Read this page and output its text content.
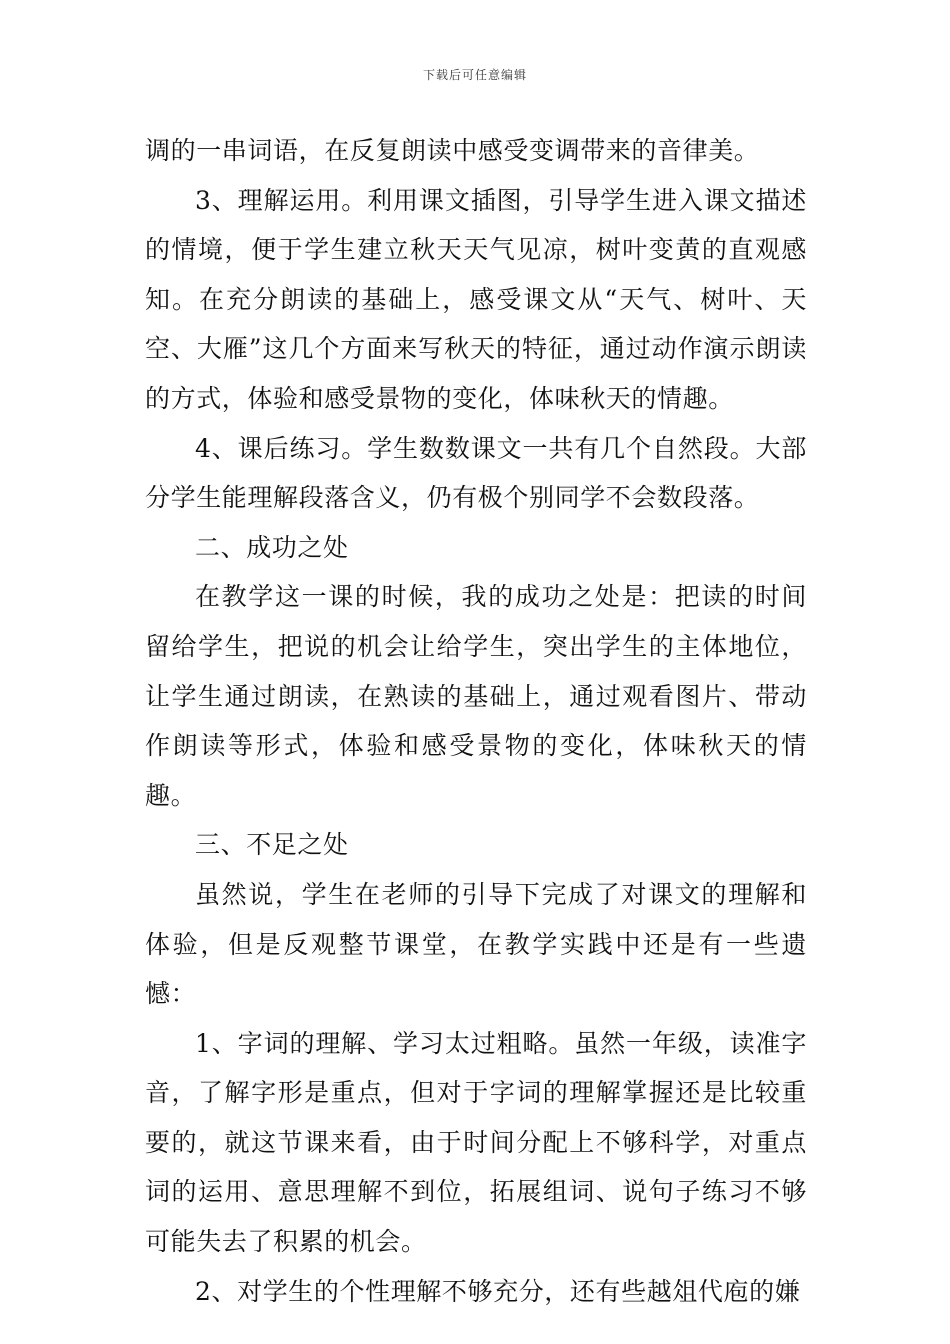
下载后可任意编辑

调的一串词语，在反复朗读中感受变调带来的音律美。

3、理解运用。利用课文插图，引导学生进入课文描述的情境，便于学生建立秋天天气见凉，树叶变黄的直观感知。在充分朗读的基础上，感受课文从“天气、树叶、天空、大雁”这几个方面来写秋天的特征，通过动作演示朗读的方式，体验和感受景物的变化，体味秋天的情趣。

4、课后练习。学生数数课文一共有几个自然段。大部分学生能理解段落含义，仍有极个别同学不会数段落。

二、成功之处

在教学这一课的时候，我的成功之处是：把读的时间留给学生，把说的机会让给学生，突出学生的主体地位，让学生通过朗读，在熟读的基础上，通过观看图片、带动作朗读等形式，体验和感受景物的变化，体味秋天的情趣。

三、不足之处

虽然说，学生在老师的引导下完成了对课文的理解和体验，但是反观整节课堂，在教学实践中还是有一些遗憾：

1、字词的理解、学习太过粗略。虽然一年级，读准字音，了解字形是重点，但对于字词的理解掌握还是比较重要的，就这节课来看，由于时间分配上不够科学，对重点词的运用、意思理解不到位，拓展组词、说句子练习不够可能失去了积累的机会。

2、对学生的个性理解不够充分，还有些越俎代庖的嫌
